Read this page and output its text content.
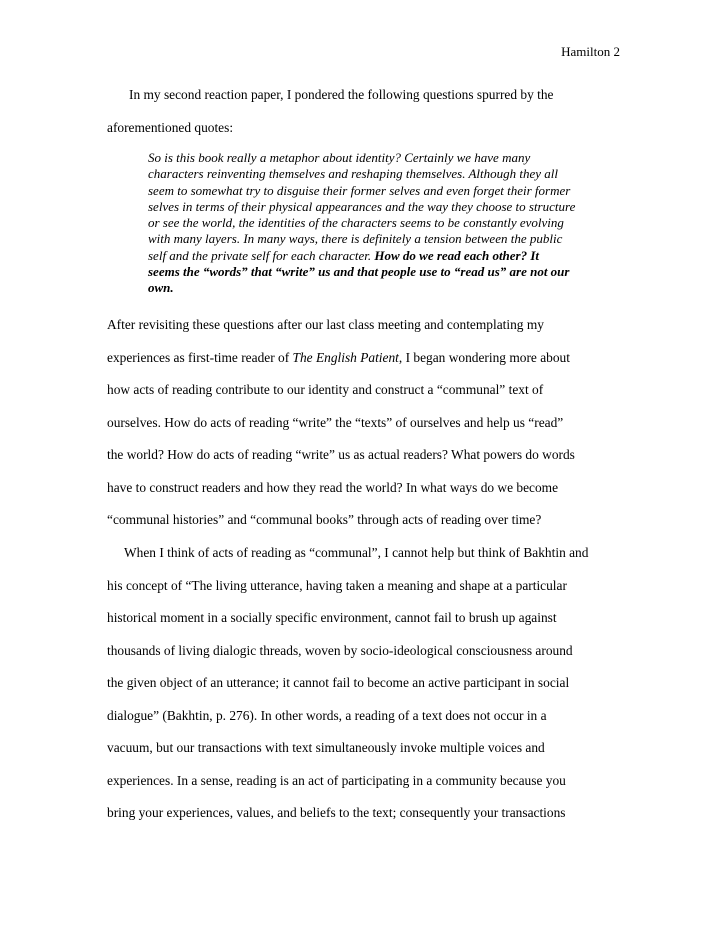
Hamilton 2
In my second reaction paper, I pondered the following questions spurred by the
aforementioned quotes:
So is this book really a metaphor about identity? Certainly we have many
characters reinventing themselves and reshaping themselves. Although they all
seem to somewhat try to disguise their former selves and even forget their former
selves in terms of their physical appearances and the way they choose to structure
or see the world, the identities of the characters seems to be constantly evolving
with many layers. In many ways, there is definitely a tension between the public
self and the private self for each character. How do we read each other? It
seems the “words” that “write” us and that people use to “read us” are not our
own.
After revisiting these questions after our last class meeting and contemplating my
experiences as first-time reader of The English Patient, I began wondering more about
how acts of reading contribute to our identity and construct a “communal” text of
ourselves. How do acts of reading “write” the “texts” of ourselves and help us “read”
the world? How do acts of reading “write” us as actual readers? What powers do words
have to construct readers and how they read the world? In what ways do we become
“communal histories” and “communal books” through acts of reading over time?
When I think of acts of reading as “communal”, I cannot help but think of Bakhtin and
his concept of “The living utterance, having taken a meaning and shape at a particular
historical moment in a socially specific environment, cannot fail to brush up against
thousands of living dialogic threads, woven by socio-ideological consciousness around
the given object of an utterance; it cannot fail to become an active participant in social
dialogue” (Bakhtin, p. 276). In other words, a reading of a text does not occur in a
vacuum, but our transactions with text simultaneously invoke multiple voices and
experiences. In a sense, reading is an act of participating in a community because you
bring your experiences, values, and beliefs to the text; consequently your transactions
